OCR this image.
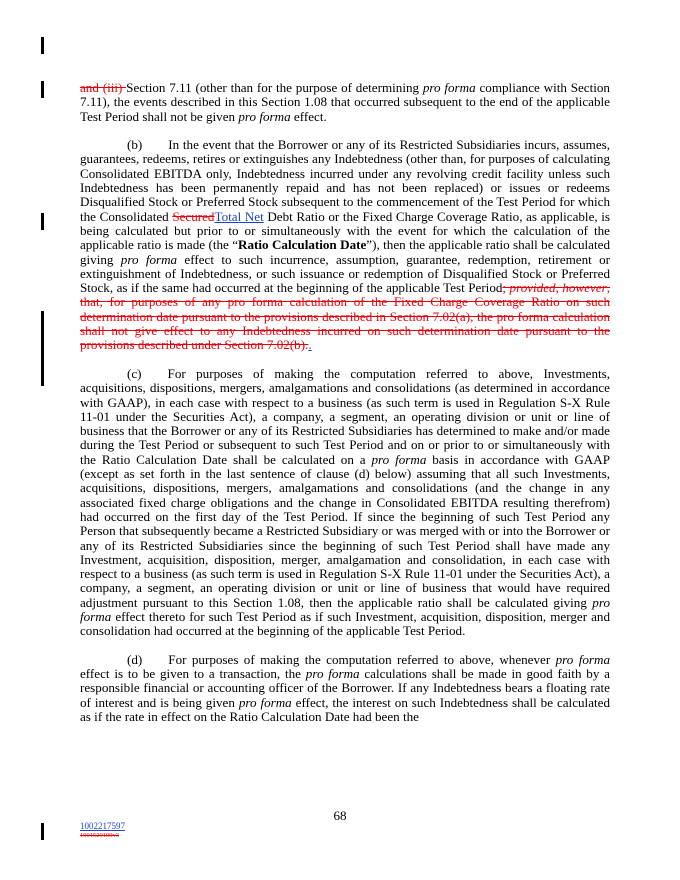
and (iii) Section 7.11 (other than for the purpose of determining pro forma compliance with Section 7.11), the events described in this Section 1.08 that occurred subsequent to the end of the applicable Test Period shall not be given pro forma effect.

(b) In the event that the Borrower or any of its Restricted Subsidiaries incurs, assumes, guarantees, redeems, retires or extinguishes any Indebtedness (other than, for purposes of calculating Consolidated EBITDA only, Indebtedness incurred under any revolving credit facility unless such Indebtedness has been permanently repaid and has not been replaced) or issues or redeems Disqualified Stock or Preferred Stock subsequent to the commencement of the Test Period for which the Consolidated SecuredTotal Net Debt Ratio or the Fixed Charge Coverage Ratio, as applicable, is being calculated but prior to or simultaneously with the event for which the calculation of the applicable ratio is made (the “Ratio Calculation Date”), then the applicable ratio shall be calculated giving pro forma effect to such incurrence, assumption, guarantee, redemption, retirement or extinguishment of Indebtedness, or such issuance or redemption of Disqualified Stock or Preferred Stock, as if the same had occurred at the beginning of the applicable Test Period; provided, however, that, for purposes of any pro forma calculation of the Fixed Charge Coverage Ratio on such determination date pursuant to the provisions described in Section 7.02(a), the pro forma calculation shall not give effect to any Indebtedness incurred on such determination date pursuant to the provisions described under Section 7.02(b)..

(c) For purposes of making the computation referred to above, Investments, acquisitions, dispositions, mergers, amalgamations and consolidations (as determined in accordance with GAAP), in each case with respect to a business (as such term is used in Regulation S-X Rule 11-01 under the Securities Act), a company, a segment, an operating division or unit or line of business that the Borrower or any of its Restricted Subsidiaries has determined to make and/or made during the Test Period or subsequent to such Test Period and on or prior to or simultaneously with the Ratio Calculation Date shall be calculated on a pro forma basis in accordance with GAAP (except as set forth in the last sentence of clause (d) below) assuming that all such Investments, acquisitions, dispositions, mergers, amalgamations and consolidations (and the change in any associated fixed charge obligations and the change in Consolidated EBITDA resulting therefrom) had occurred on the first day of the Test Period. If since the beginning of such Test Period any Person that subsequently became a Restricted Subsidiary or was merged with or into the Borrower or any of its Restricted Subsidiaries since the beginning of such Test Period shall have made any Investment, acquisition, disposition, merger, amalgamation and consolidation, in each case with respect to a business (as such term is used in Regulation S-X Rule 11-01 under the Securities Act), a company, a segment, an operating division or unit or line of business that would have required adjustment pursuant to this Section 1.08, then the applicable ratio shall be calculated giving pro forma effect thereto for such Test Period as if such Investment, acquisition, disposition, merger and consolidation had occurred at the beginning of the applicable Test Period.

(d) For purposes of making the computation referred to above, whenever pro forma effect is to be given to a transaction, the pro forma calculations shall be made in good faith by a responsible financial or accounting officer of the Borrower. If any Indebtedness bears a floating rate of interest and is being given pro forma effect, the interest on such Indebtedness shall be calculated as if the rate in effect on the Ratio Calculation Date had been the

68
1002217597
1001520109v3
